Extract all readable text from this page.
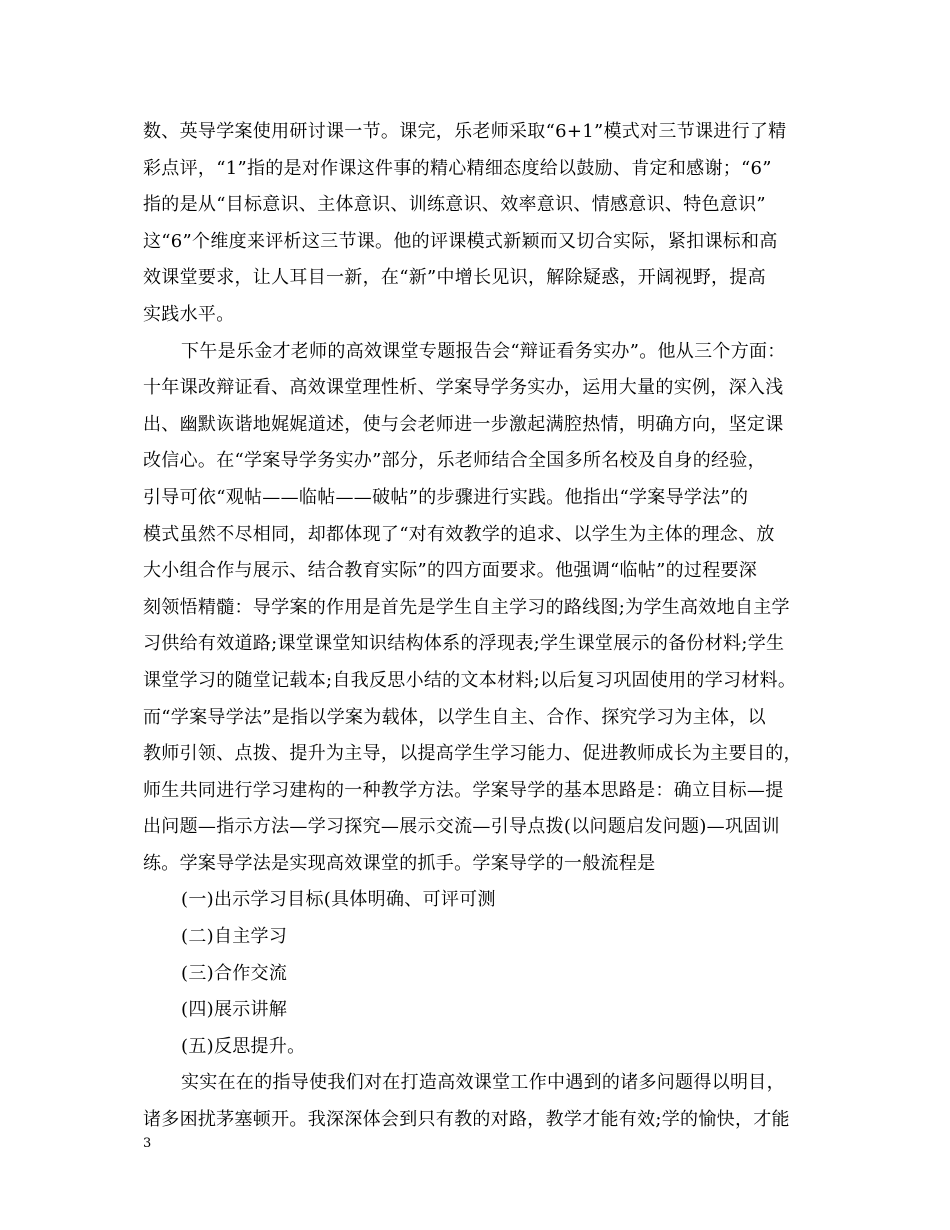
数、英导学案使用研讨课一节。课完，乐老师采取“6+1”模式对三节课进行了精
彩点评，“1”指的是对作课这件事的精心精细态度给以鼓励、肯定和感谢；“6”
指的是从“目标意识、主体意识、训练意识、效率意识、情感意识、特色意识”
这“6”个维度来评析这三节课。他的评课模式新颖而又切合实际，紧扣课标和高
效课堂要求，让人耳目一新，在“新”中增长见识，解除疑惑，开阔视野，提高
实践水平。
下午是乐金才老师的高效课堂专题报告会“辩证看务实办”。他从三个方面：
十年课改辩证看、高效课堂理性析、学案导学务实办，运用大量的实例，深入浅
出、幽默诙谐地娓娓道述，使与会老师进一步激起满腔热情，明确方向，坚定课
改信心。在“学案导学务实办”部分，乐老师结合全国多所名校及自身的经验，
引导可依“观帖——临帖——破帖”的步骤进行实践。他指出“学案导学法”的
模式虽然不尽相同，却都体现了“对有效教学的追求、以学生为主体的理念、放
大小组合作与展示、结合教育实际”的四方面要求。他强调“临帖”的过程要深
刻领悟精髓：导学案的作用是首先是学生自主学习的路线图;为学生高效地自主学
习供给有效道路;课堂课堂知识结构体系的浮现表;学生课堂展示的备份材料;学生
课堂学习的随堂记载本;自我反思小结的文本材料;以后复习巩固使用的学习材料。
而“学案导学法”是指以学案为载体，以学生自主、合作、探究学习为主体，以
教师引领、点拨、提升为主导，以提高学生学习能力、促进教师成长为主要目的，
师生共同进行学习建构的一种教学方法。学案导学的基本思路是：确立目标—提
出问题—指示方法—学习探究—展示交流—引导点拨(以问题启发问题)—巩固训
练。学案导学法是实现高效课堂的抓手。学案导学的一般流程是
(一)出示学习目标(具体明确、可评可测
(二)自主学习
(三)合作交流
(四)展示讲解
(五)反思提升。
实实在在的指导使我们对在打造高效课堂工作中遇到的诸多问题得以明目，
诸多困扰茅塞顿开。我深深体会到只有教的对路，教学才能有效;学的愉快，才能
3
